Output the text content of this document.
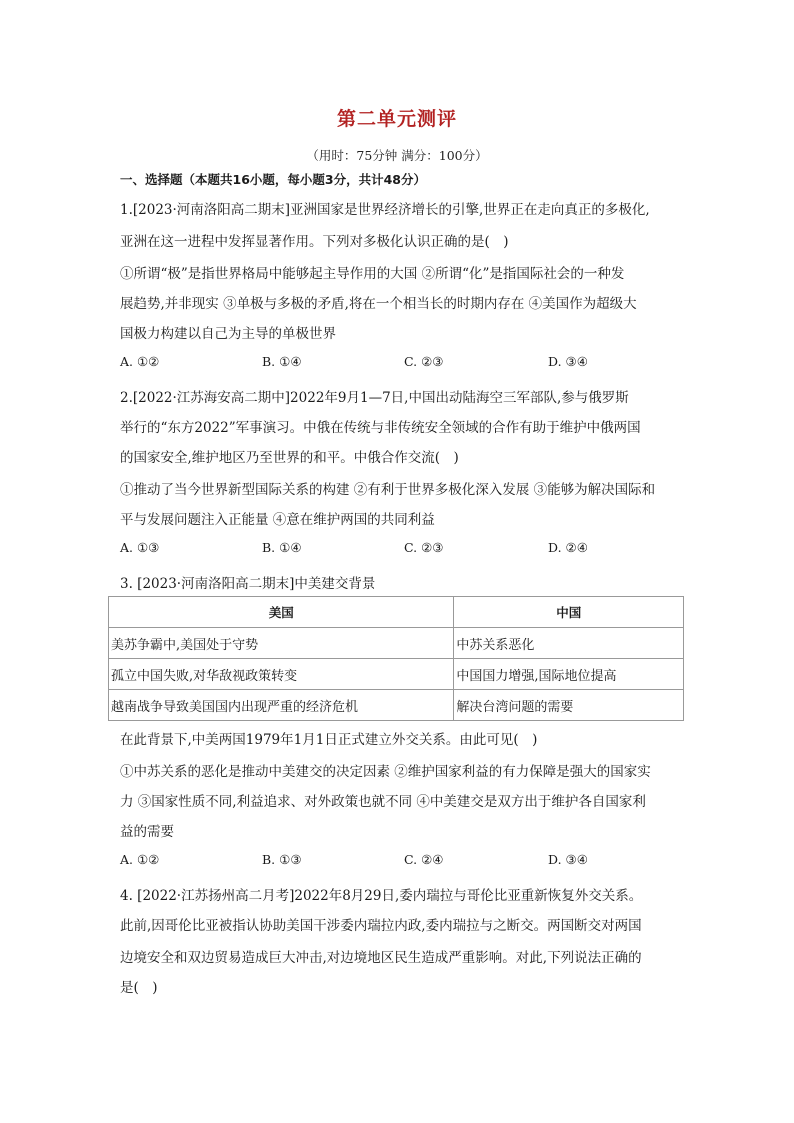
第二单元测评
（用时：75分钟 满分：100分）
一、选择题（本题共16小题，每小题3分，共计48分）
1.[2023·河南洛阳高二期末]亚洲国家是世界经济增长的引擎,世界正在走向真正的多极化,
亚洲在这一进程中发挥显著作用。下列对多极化认识正确的是(　)
①所谓“极”是指世界格局中能够起主导作用的大国 ②所谓“化”是指国际社会的一种发
展趋势,并非现实 ③单极与多极的矛盾,将在一个相当长的时期内存在 ④美国作为超级大
国极力构建以自己为主导的单极世界
A. ①②	B. ①④	C. ②③	D. ③④
2.[2022·江苏海安高二期中]2022年9月1—7日,中国出动陆海空三军部队,参与俄罗斯
举行的“东方2022”军事演习。中俄在传统与非传统安全领域的合作有助于维护中俄两国
的国家安全,维护地区乃至世界的和平。中俄合作交流(　)
①推动了当今世界新型国际关系的构建 ②有利于世界多极化深入发展 ③能够为解决国际和
平与发展问题注入正能量 ④意在维护两国的共同利益
A. ①③	B. ①④	C. ②③	D. ②④
3. [2023·河南洛阳高二期末]中美建交背景
美国	中国
美苏争霸中,美国处于守势	中苏关系恶化
孤立中国失败,对华敌视政策转变	中国国力增强,国际地位提高
越南战争导致美国国内出现严重的经济危机	解决台湾问题的需要
在此背景下,中美两国1979年1月1日正式建立外交关系。由此可见(　)
①中苏关系的恶化是推动中美建交的决定因素 ②维护国家利益的有力保障是强大的国家实
力 ③国家性质不同,利益追求、对外政策也就不同 ④中美建交是双方出于维护各自国家利
益的需要
A. ①②	B. ①③	C. ②④	D. ③④
4. [2022·江苏扬州高二月考]2022年8月29日,委内瑞拉与哥伦比亚重新恢复外交关系。
此前,因哥伦比亚被指认协助美国干涉委内瑞拉内政,委内瑞拉与之断交。两国断交对两国
边境安全和双边贸易造成巨大冲击,对边境地区民生造成严重影响。对此,下列说法正确的
是(　)
